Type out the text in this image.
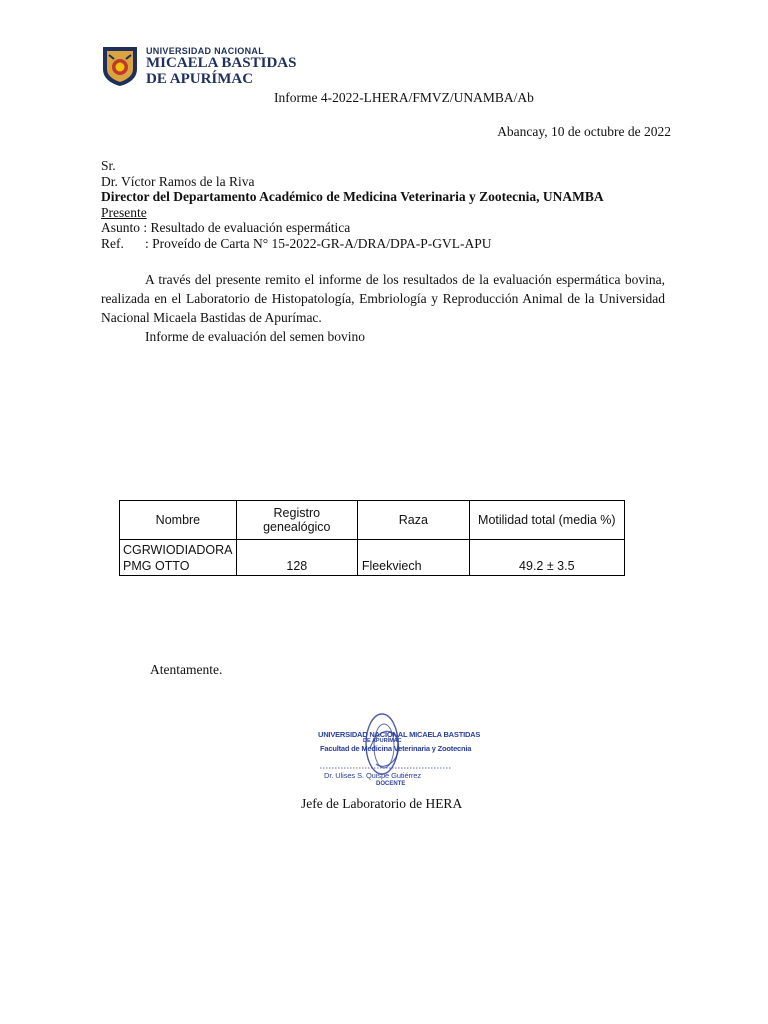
UNIVERSIDAD NACIONAL
MICAELA BASTIDAS
DE APURÍMAC
Informe 4-2022-LHERA/FMVZ/UNAMBA/Ab
Abancay, 10 de octubre de 2022
Sr.
Dr. Víctor Ramos de la Riva
Director del Departamento Académico de Medicina Veterinaria y Zootecnia, UNAMBA
Presente
Asunto : Resultado de evaluación espermática
Ref. : Proveído de Carta N° 15-2022-GR-A/DRA/DPA-P-GVL-APU
A través del presente remito el informe de los resultados de la evaluación espermática bovina, realizada en el Laboratorio de Histopatología, Embriología y Reproducción Animal de la Universidad Nacional Micaela Bastidas de Apurímac.
Informe de evaluación del semen bovino
Nombre	Registro genealógico	Raza	Motilidad total (media %)
CGRWIODIADORA PMG OTTO	128	Fleekviech	49.2 ± 3.5
Atentamente.
UNIVERSIDAD NACIONAL MICAELA BASTIDAS
DE APURÍMAC
Facultad de Medicina Veterinaria y Zootecnia
Dr. Ulises S. Quispe Gutiérrez
DOCENTE
Jefe de Laboratorio de HERA
